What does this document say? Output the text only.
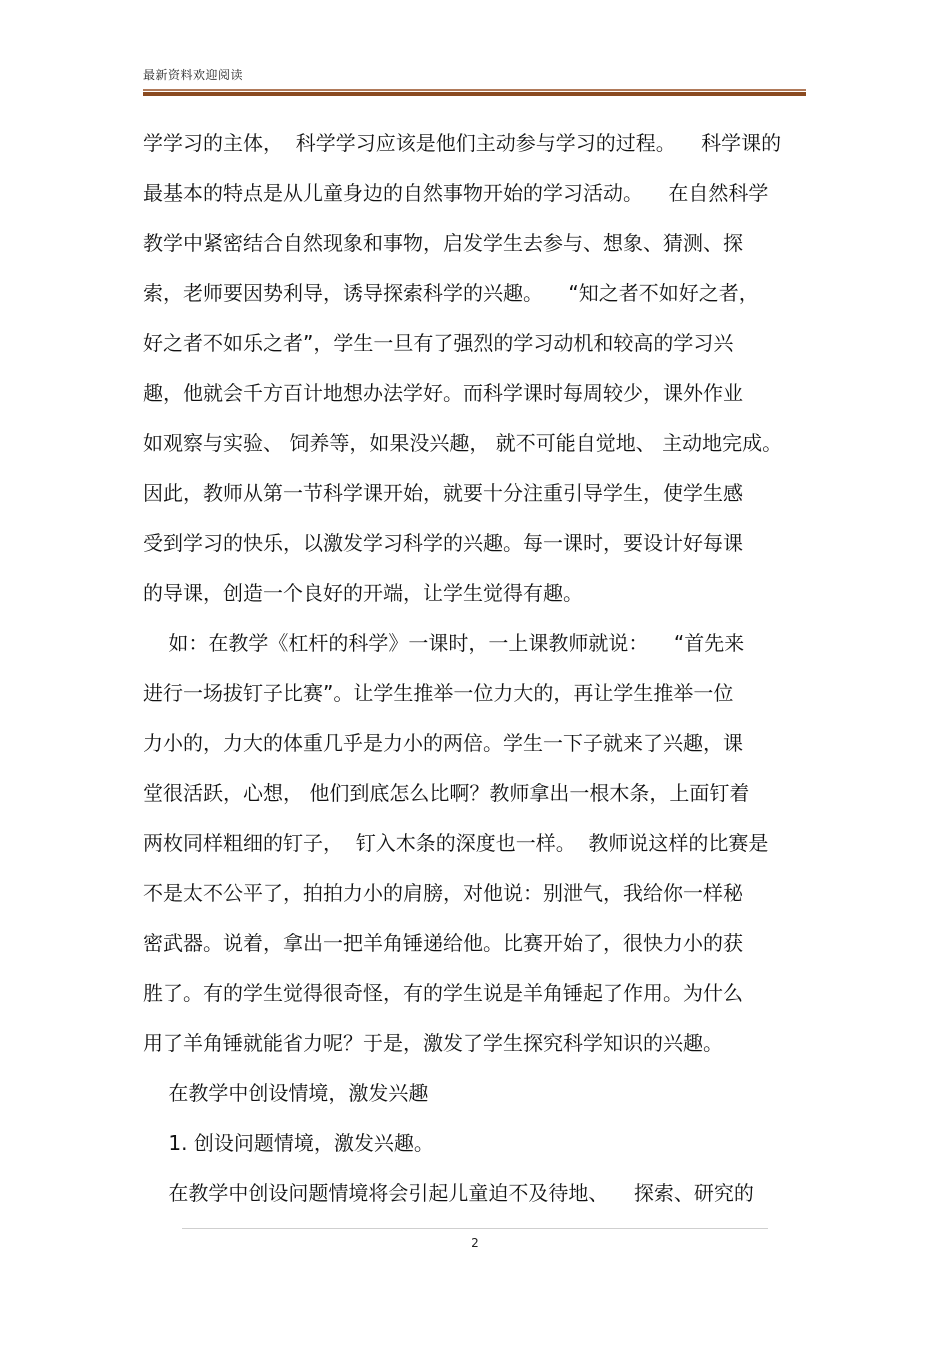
最新资料欢迎阅读
学学习的主体，  科学学习应该是他们主动参与学习的过程。    科学课的
最基本的特点是从儿童身边的自然事物开始的学习活动。    在自然科学
教学中紧密结合自然现象和事物，启发学生去参与、想象、猜测、探
索，老师要因势利导，诱导探索科学的兴趣。    “知之者不如好之者，
好之者不如乐之者”，学生一旦有了强烈的学习动机和较高的学习兴
趣，他就会千方百计地想办法学好。而科学课时每周较少，课外作业
如观察与实验、 饲养等，如果没兴趣， 就不可能自觉地、 主动地完成。
因此，教师从第一节科学课开始，就要十分注重引导学生，使学生感
受到学习的快乐，以激发学习科学的兴趣。每一课时，要设计好每课
的导课，创造一个良好的开端，让学生觉得有趣。
如：在教学《杠杆的科学》一课时，一上课教师就说：    “首先来
进行一场拔钉子比赛”。让学生推举一位力大的，再让学生推举一位
力小的，力大的体重几乎是力小的两倍。学生一下子就来了兴趣，课
堂很活跃，心想， 他们到底怎么比啊？教师拿出一根木条，上面钉着
两枚同样粗细的钉子，  钉入木条的深度也一样。  教师说这样的比赛是
不是太不公平了，拍拍力小的肩膀，对他说：别泄气，我给你一样秘
密武器。说着，拿出一把羊角锤递给他。比赛开始了，很快力小的获
胜了。有的学生觉得很奇怪，有的学生说是羊角锤起了作用。为什么
用了羊角锤就能省力呢？于是，激发了学生探究科学知识的兴趣。
在教学中创设情境，激发兴趣
1. 创设问题情境，激发兴趣。
在教学中创设问题情境将会引起儿童迫不及待地、    探索、研究的
2
